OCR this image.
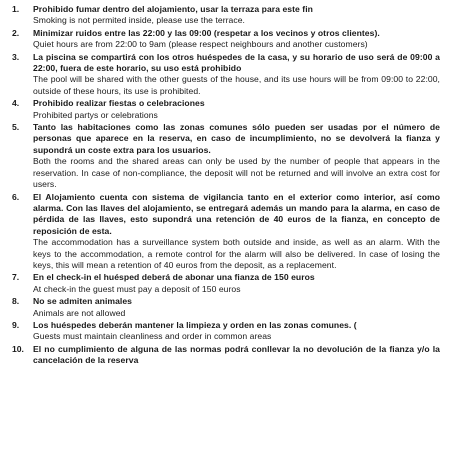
1. Prohibido fumar dentro del alojamiento, usar la terraza para este fin
Smoking is not permited inside, please use the terrace.
2. Minimizar ruidos entre las 22:00 y las 09:00 (respetar a los vecinos y otros clientes).
Quiet hours are from 22:00 to 9am (please respect neighbours and another customers)
3. La piscina se compartirá con los otros huéspedes de la casa, y su horario de uso será de 09:00 a 22:00, fuera de este horario, su uso está prohibido
The pool will be shared with the other guests of the house, and its use hours will be from 09:00 to 22:00, outside of these hours, its use is prohibited.
4. Prohibido realizar fiestas o celebraciones
Prohibited partys or celebrations
5. Tanto las habitaciones como las zonas comunes sólo pueden ser usadas por el número de personas que aparece en la reserva, en caso de incumplimiento, no se devolverá la fianza y supondrá un coste extra para los usuarios.
Both the rooms and the shared areas can only be used by the number of people that appears in the reservation. In case of non-compliance, the deposit will not be returned and will involve an extra cost for users.
6. El Alojamiento cuenta con sistema de vigilancia tanto en el exterior como interior, así como alarma. Con las llaves del alojamiento, se entregará además un mando para la alarma, en caso de pérdida de las llaves, esto supondrá una retención de 40 euros de la fianza, en concepto de reposición de esta.
The accommodation has a surveillance system both outside and inside, as well as an alarm. With the keys to the accommodation, a remote control for the alarm will also be delivered. In case of losing the keys, this will mean a retention of 40 euros from the deposit, as a replacement.
7. En el check-in el huésped deberá de abonar una fianza de 150 euros
At check-in the guest must pay a deposit of 150 euros
8. No se admiten animales
Animals are not allowed
9. Los huéspedes deberán mantener la limpieza y orden en las zonas comunes. (
Guests must maintain cleanliness and order in common areas
10. El no cumplimiento de alguna de las normas podrá conllevar la no devolución de la fianza y/o la cancelación de la reserva
